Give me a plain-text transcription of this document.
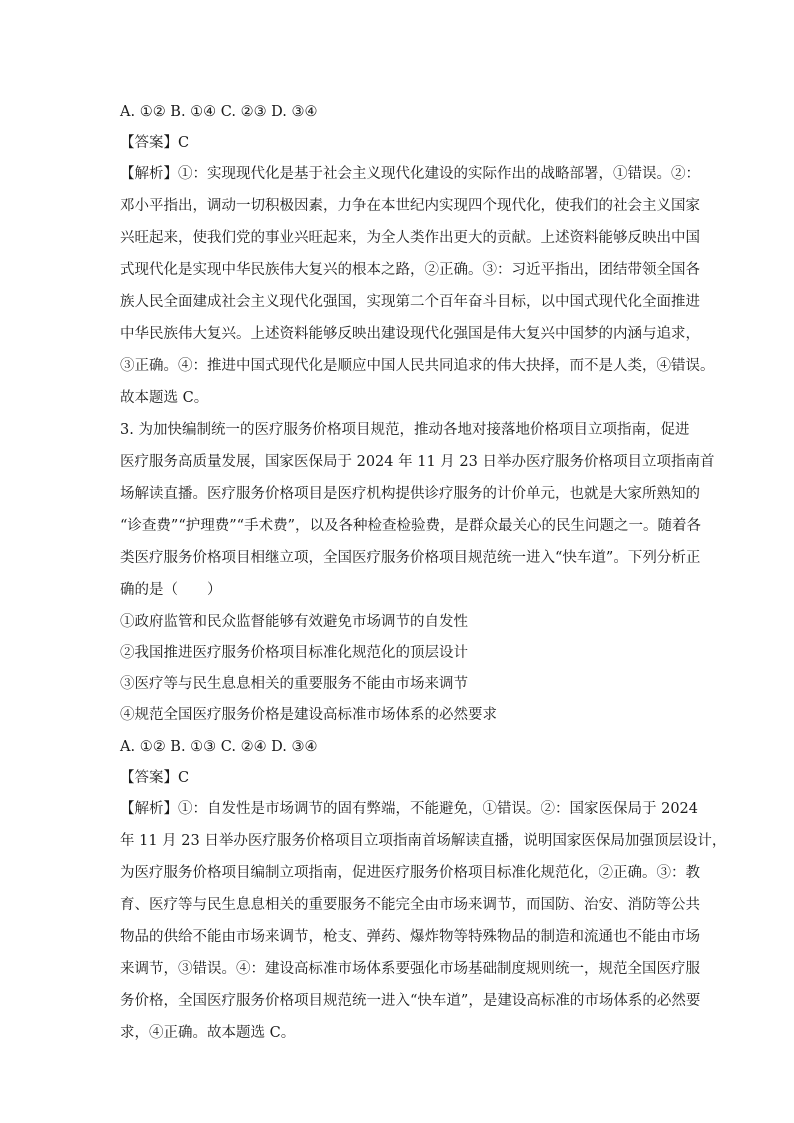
A. ①② B. ①④ C. ②③ D. ③④
【答案】C
【解析】①：实现现代化是基于社会主义现代化建设的实际作出的战略部署，①错误。②：
邓小平指出，调动一切积极因素，力争在本世纪内实现四个现代化，使我们的社会主义国家
兴旺起来，使我们党的事业兴旺起来，为全人类作出更大的贡献。上述资料能够反映出中国
式现代化是实现中华民族伟大复兴的根本之路，②正确。③：习近平指出，团结带领全国各
族人民全面建成社会主义现代化强国，实现第二个百年奋斗目标，以中国式现代化全面推进
中华民族伟大复兴。上述资料能够反映出建设现代化强国是伟大复兴中国梦的内涵与追求，
③正确。④：推进中国式现代化是顺应中国人民共同追求的伟大抉择，而不是人类，④错误。
故本题选 C。
3. 为加快编制统一的医疗服务价格项目规范，推动各地对接落地价格项目立项指南，促进
医疗服务高质量发展，国家医保局于 2024 年 11 月 23 日举办医疗服务价格项目立项指南首
场解读直播。医疗服务价格项目是医疗机构提供诊疗服务的计价单元，也就是大家所熟知的
“诊查费”“护理费”“手术费”，以及各种检查检验费，是群众最关心的民生问题之一。随着各
类医疗服务价格项目相继立项，全国医疗服务价格项目规范统一进入“快车道”。下列分析正
确的是（　　）
①政府监管和民众监督能够有效避免市场调节的自发性
②我国推进医疗服务价格项目标准化规范化的顶层设计
③医疗等与民生息息相关的重要服务不能由市场来调节
④规范全国医疗服务价格是建设高标准市场体系的必然要求
A. ①② B. ①③ C. ②④ D. ③④
【答案】C
【解析】①：自发性是市场调节的固有弊端，不能避免，①错误。②：国家医保局于 2024
年 11 月 23 日举办医疗服务价格项目立项指南首场解读直播，说明国家医保局加强顶层设计，
为医疗服务价格项目编制立项指南，促进医疗服务价格项目标准化规范化，②正确。③：教
育、医疗等与民生息息相关的重要服务不能完全由市场来调节，而国防、治安、消防等公共
物品的供给不能由市场来调节，枪支、弹药、爆炸物等特殊物品的制造和流通也不能由市场
来调节，③错误。④：建设高标准市场体系要强化市场基础制度规则统一，规范全国医疗服
务价格，全国医疗服务价格项目规范统一进入“快车道”，是建设高标准的市场体系的必然要
求，④正确。故本题选 C。
